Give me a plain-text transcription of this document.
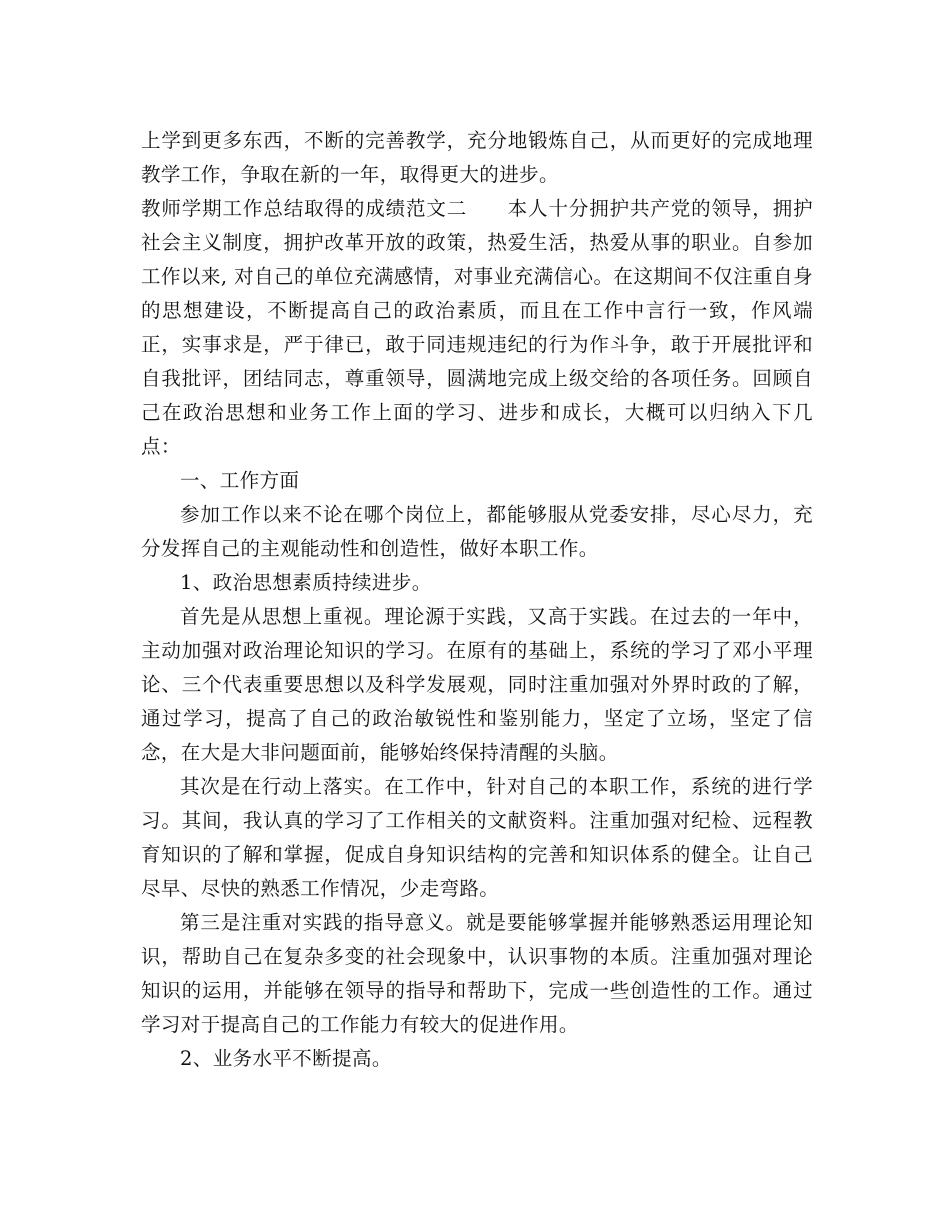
上学到更多东西，不断的完善教学，充分地锻炼自己，从而更好的完成地理教学工作，争取在新的一年，取得更大的进步。

教师学期工作总结取得的成绩范文二 本人十分拥护共产党的领导，拥护社会主义制度，拥护改革开放的政策，热爱生活，热爱从事的职业。自参加工作以来, 对自己的单位充满感情，对事业充满信心。在这期间不仅注重自身的思想建设，不断提高自己的政治素质，而且在工作中言行一致，作风端正，实事求是，严于律已，敢于同违规违纪的行为作斗争，敢于开展批评和自我批评，团结同志，尊重领导，圆满地完成上级交给的各项任务。回顾自己在政治思想和业务工作上面的学习、进步和成长，大概可以归纳入下几点：

一、工作方面

参加工作以来不论在哪个岗位上，都能够服从党委安排，尽心尽力，充分发挥自己的主观能动性和创造性，做好本职工作。

1、政治思想素质持续进步。

首先是从思想上重视。理论源于实践，又高于实践。在过去的一年中，主动加强对政治理论知识的学习。在原有的基础上，系统的学习了邓小平理论、三个代表重要思想以及科学发展观，同时注重加强对外界时政的了解，通过学习，提高了自己的政治敏锐性和鉴别能力，坚定了立场，坚定了信念，在大是大非问题面前，能够始终保持清醒的头脑。

其次是在行动上落实。在工作中，针对自己的本职工作，系统的进行学习。其间，我认真的学习了工作相关的文献资料。注重加强对纪检、远程教育知识的了解和掌握，促成自身知识结构的完善和知识体系的健全。让自己尽早、尽快的熟悉工作情况，少走弯路。

第三是注重对实践的指导意义。就是要能够掌握并能够熟悉运用理论知识，帮助自己在复杂多变的社会现象中，认识事物的本质。注重加强对理论知识的运用，并能够在领导的指导和帮助下，完成一些创造性的工作。通过学习对于提高自己的工作能力有较大的促进作用。

2、业务水平不断提高。
